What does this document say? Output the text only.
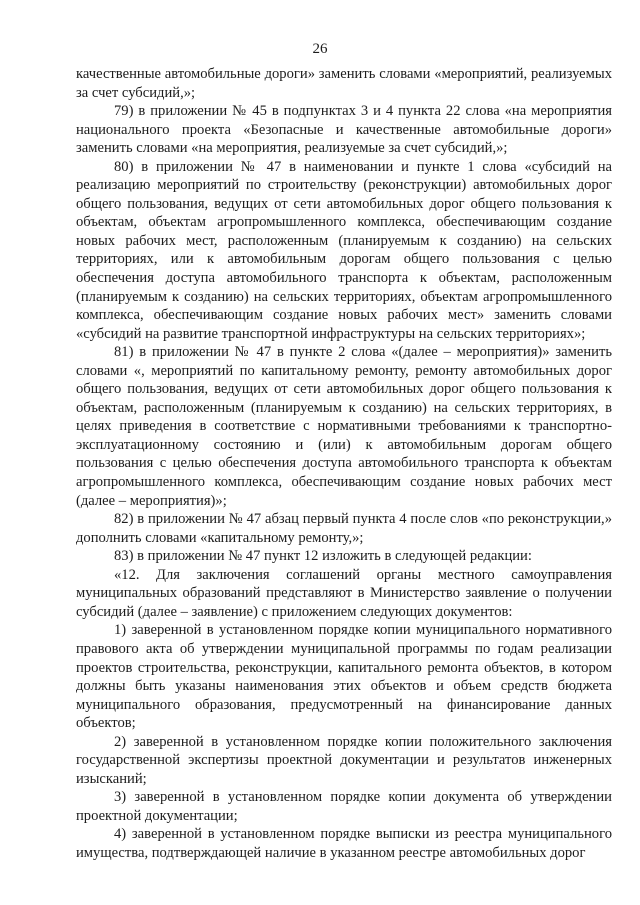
26

качественные автомобильные дороги» заменить словами «мероприятий, реализуемых за счет субсидий,»;

79) в приложении № 45 в подпунктах 3 и 4 пункта 22 слова «на мероприятия национального проекта «Безопасные и качественные автомобильные дороги» заменить словами «на мероприятия, реализуемые за счет субсидий,»;

80) в приложении № 47 в наименовании и пункте 1 слова «субсидий на реализацию мероприятий по строительству (реконструкции) автомобильных дорог общего пользования, ведущих от сети автомобильных дорог общего пользования к объектам, объектам агропромышленного комплекса, обеспечивающим создание новых рабочих мест, расположенным (планируемым к созданию) на сельских территориях, или к автомобильным дорогам общего пользования с целью обеспечения доступа автомобильного транспорта к объектам, расположенным (планируемым к созданию) на сельских территориях, объектам агропромышленного комплекса, обеспечивающим создание новых рабочих мест» заменить словами «субсидий на развитие транспортной инфраструктуры на сельских территориях»;

81) в приложении № 47 в пункте 2 слова «(далее – мероприятия)» заменить словами «, мероприятий по капитальному ремонту, ремонту автомобильных дорог общего пользования, ведущих от сети автомобильных дорог общего пользования к объектам, расположенным (планируемым к созданию) на сельских территориях, в целях приведения в соответствие с нормативными требованиями к транспортно-эксплуатационному состоянию и (или) к автомобильным дорогам общего пользования с целью обеспечения доступа автомобильного транспорта к объектам агропромышленного комплекса, обеспечивающим создание новых рабочих мест (далее – мероприятия)»;

82) в приложении № 47 абзац первый пункта 4 после слов «по реконструкции,» дополнить словами «капитальному ремонту,»;

83) в приложении № 47 пункт 12 изложить в следующей редакции:

«12. Для заключения соглашений органы местного самоуправления муниципальных образований представляют в Министерство заявление о получении субсидий (далее – заявление) с приложением следующих документов:

1) заверенной в установленном порядке копии муниципального нормативного правового акта об утверждении муниципальной программы по годам реализации проектов строительства, реконструкции, капитального ремонта объектов, в котором должны быть указаны наименования этих объектов и объем средств бюджета муниципального образования, предусмотренный на финансирование данных объектов;

2) заверенной в установленном порядке копии положительного заключения государственной экспертизы проектной документации и результатов инженерных изысканий;

3) заверенной в установленном порядке копии документа об утверждении проектной документации;

4) заверенной в установленном порядке выписки из реестра муниципального имущества, подтверждающей наличие в указанном реестре автомобильных дорог
